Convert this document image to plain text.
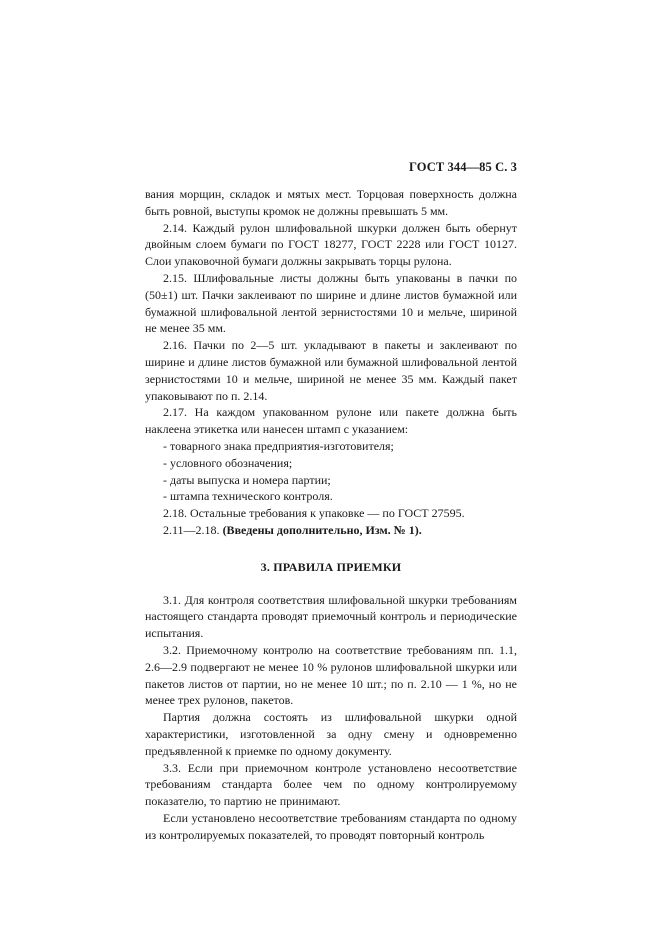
ГОСТ 344—85 С. 3

вания морщин, складок и мятых мест. Торцовая поверхность должна быть ровной, выступы кромок не должны превышать 5 мм.

2.14. Каждый рулон шлифовальной шкурки должен быть обернут двойным слоем бумаги по ГОСТ 18277, ГОСТ 2228 или ГОСТ 10127. Слои упаковочной бумаги должны закрывать торцы рулона.

2.15. Шлифовальные листы должны быть упакованы в пачки по (50±1) шт. Пачки заклеивают по ширине и длине листов бумажной или бумажной шлифовальной лентой зернистостями 10 и мельче, шириной не менее 35 мм.

2.16. Пачки по 2—5 шт. укладывают в пакеты и заклеивают по ширине и длине листов бумажной или бумажной шлифовальной лентой зернистостями 10 и мельче, шириной не менее 35 мм. Каждый пакет упаковывают по п. 2.14.

2.17. На каждом упакованном рулоне или пакете должна быть наклеена этикетка или нанесен штамп с указанием:

- товарного знака предприятия-изготовителя;

- условного обозначения;

- даты выпуска и номера партии;

- штампа технического контроля.

2.18. Остальные требования к упаковке — по ГОСТ 27595.

2.11—2.18. (Введены дополнительно, Изм. № 1).

3. ПРАВИЛА ПРИЕМКИ

3.1. Для контроля соответствия шлифовальной шкурки требованиям настоящего стандарта проводят приемочный контроль и периодические испытания.

3.2. Приемочному контролю на соответствие требованиям пп. 1.1, 2.6—2.9 подвергают не менее 10 % рулонов шлифовальной шкурки или пакетов листов от партии, но не менее 10 шт.; по п. 2.10 — 1 %, но не менее трех рулонов, пакетов.

Партия должна состоять из шлифовальной шкурки одной характеристики, изготовленной за одну смену и одновременно предъявленной к приемке по одному документу.

3.3. Если при приемочном контроле установлено несоответствие требованиям стандарта более чем по одному контролируемому показателю, то партию не принимают.

Если установлено несоответствие требованиям стандарта по одному из контролируемых показателей, то проводят повторный контроль
